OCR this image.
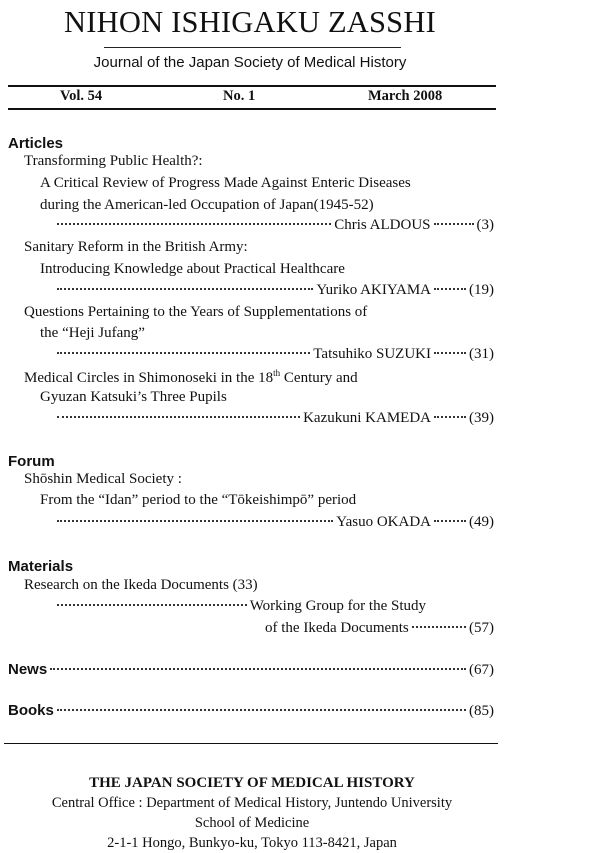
NIHON ISHIGAKU ZASSHI
Journal of the Japan Society of Medical History
Vol. 54	No. 1	March 2008
Articles
Transforming Public Health?:
A Critical Review of Progress Made Against Enteric Diseases
during the American-led Occupation of Japan(1945-52)
Chris ALDOUS	(3)
Sanitary Reform in the British Army:
Introducing Knowledge about Practical Healthcare
Yuriko AKIYAMA	(19)
Questions Pertaining to the Years of Supplementations of
the “Heji Jufang”
Tatsuhiko SUZUKI	(31)
Medical Circles in Shimonoseki in the 18th Century and
Gyuzan Katsuki’s Three Pupils
Kazukuni KAMEDA	(39)
Forum
Shōshin Medical Society :
From the “Idan” period to the “Tōkeishimpō” period
Yasuo OKADA	(49)
Materials
Research on the Ikeda Documents (33)
Working Group for the Study
of the Ikeda Documents	(57)
News	(67)
Books	(85)
THE JAPAN SOCIETY OF MEDICAL HISTORY
Central Office : Department of Medical History, Juntendo University
School of Medicine
2-1-1 Hongo, Bunkyo-ku, Tokyo 113-8421, Japan
